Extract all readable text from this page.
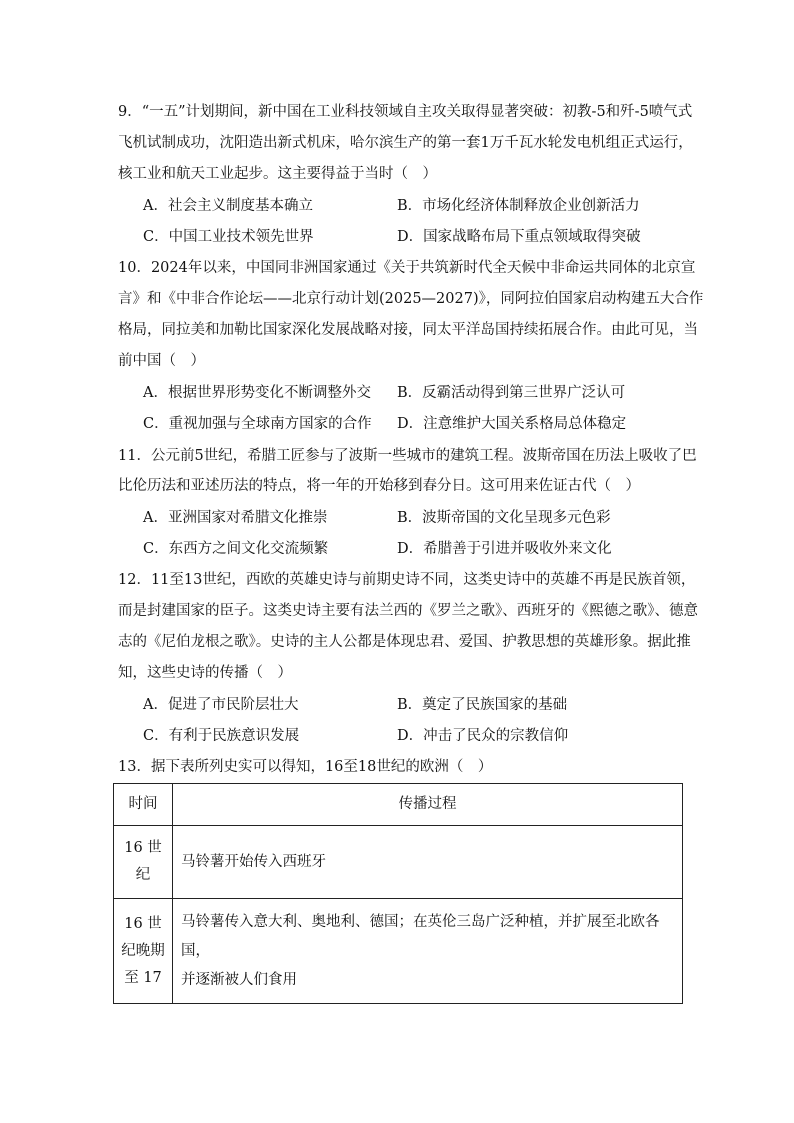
9．“一五”计划期间，新中国在工业科技领域自主攻关取得显著突破：初教-5和歼-5喷气式
飞机试制成功，沈阳造出新式机床，哈尔滨生产的第一套1万千瓦水轮发电机组正式运行，
核工业和航天工业起步。这主要得益于当时（　）
A．社会主义制度基本确立	B．市场化经济体制释放企业创新活力
C．中国工业技术领先世界	D．国家战略布局下重点领域取得突破
10．2024年以来，中国同非洲国家通过《关于共筑新时代全天候中非命运共同体的北京宣
言》和《中非合作论坛——北京行动计划(2025—2027)》，同阿拉伯国家启动构建五大合作
格局，同拉美和加勒比国家深化发展战略对接，同太平洋岛国持续拓展合作。由此可见，当
前中国（　）
A．根据世界形势变化不断调整外交 B．反霸活动得到第三世界广泛认可
C．重视加强与全球南方国家的合作 D．注意维护大国关系格局总体稳定
11．公元前5世纪，希腊工匠参与了波斯一些城市的建筑工程。波斯帝国在历法上吸收了巴
比伦历法和亚述历法的特点，将一年的开始移到春分日。这可用来佐证古代（　）
A．亚洲国家对希腊文化推崇	B．波斯帝国的文化呈现多元色彩
C．东西方之间文化交流频繁	D．希腊善于引进并吸收外来文化
12．11至13世纪，西欧的英雄史诗与前期史诗不同，这类史诗中的英雄不再是民族首领，
而是封建国家的臣子。这类史诗主要有法兰西的《罗兰之歌》、西班牙的《熙德之歌》、德意
志的《尼伯龙根之歌》。史诗的主人公都是体现忠君、爱国、护教思想的英雄形象。据此推
知，这些史诗的传播（　）
A．促进了市民阶层壮大	B．奠定了民族国家的基础
C．有利于民族意识发展	D．冲击了民众的宗教信仰
13．据下表所列史实可以得知，16至18世纪的欧洲（　）
时间	传播过程

16 世
纪	马铃薯开始传入西班牙

16 世
纪晚期
至 17	马铃薯传入意大利、奥地利、德国；在英伦三岛广泛种植，并扩展至北欧各国，
并逐渐被人们食用
